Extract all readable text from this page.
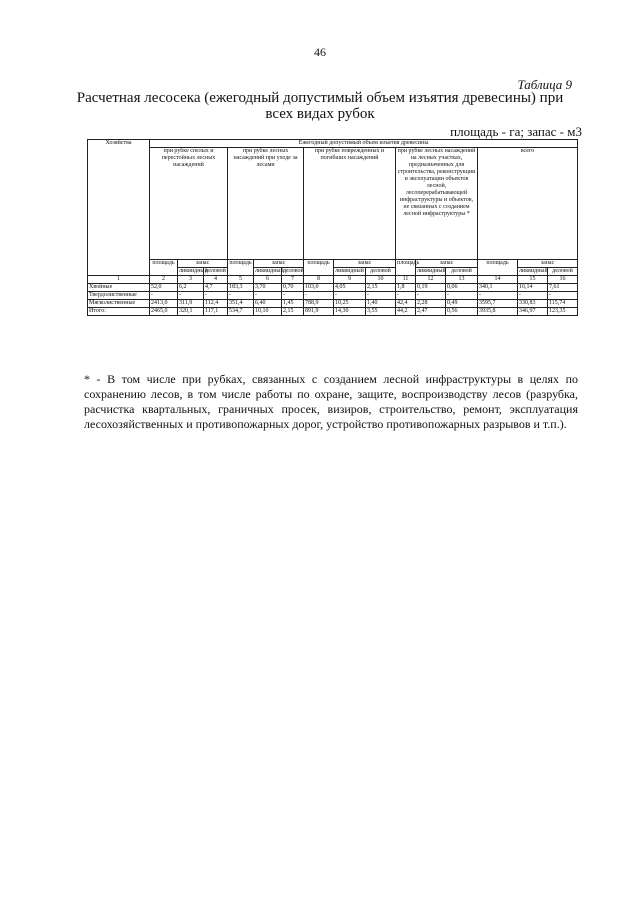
46
Таблица 9
Расчетная лесосека (ежегодный допустимый объем изъятия древесины) при всех видах рубок
площадь - га; запас - м3
Хозяйства	Ежегодный допустимый объем изъятия древесины														
	при рубке спелых и перестойных лесных насаждений			при рубке лесных насаждений при уходе за лесами			при рубке поврежденных и погибших насаждений			при рубке лесных насаждений на лесных участках, предназначенных для строительства, реконструкции и эксплуатации объектов лесной, лесоперерабатывающей инфраструктуры и объектов, не связанных с созданием лесной инфраструктуры *			всего		
	площадь	запас		площадь	запас		площадь	запас		площадь	запас		площадь	запас	
		ликвидный	деловой		ликвидный	деловой		ликвидный	деловой		ликвидный	деловой		ликвидный	деловой
1	2	3	4	5	6	7	8	9	10	11	12	13	14	15	16
Хвойные	52,0	6,2	4,7	183,3	3,70	0,70	103,0	4,05	2,15	1,8	0,19	0,06	340,1	16,14	7,61
Твердолиственные	-	-	-	-	-	-	-	-	-	-	-	-	-	-	-
Мягколиственные	2413,0	311,9	112,4	351,4	6,40	1,45	788,9	10,25	1,40	42,4	2,28	0,49	3595,7	330,83	115,74
Итого:	2465,0	320,1	117,1	534,7	10,10	2,15	891,9	14,30	3,55	44,2	2,47	0,56	3935,8	346,97	123,35
* - В том числе при рубках, связанных с созданием лесной инфраструктуры в целях по сохранению лесов, в том числе работы по охране, защите, воспроизводству лесов (разрубка, расчистка квартальных, граничных просек, визиров, строительство, ремонт, эксплуатация лесохозяйственных и противопожарных дорог, устройство противопожарных разрывов и т.п.).
